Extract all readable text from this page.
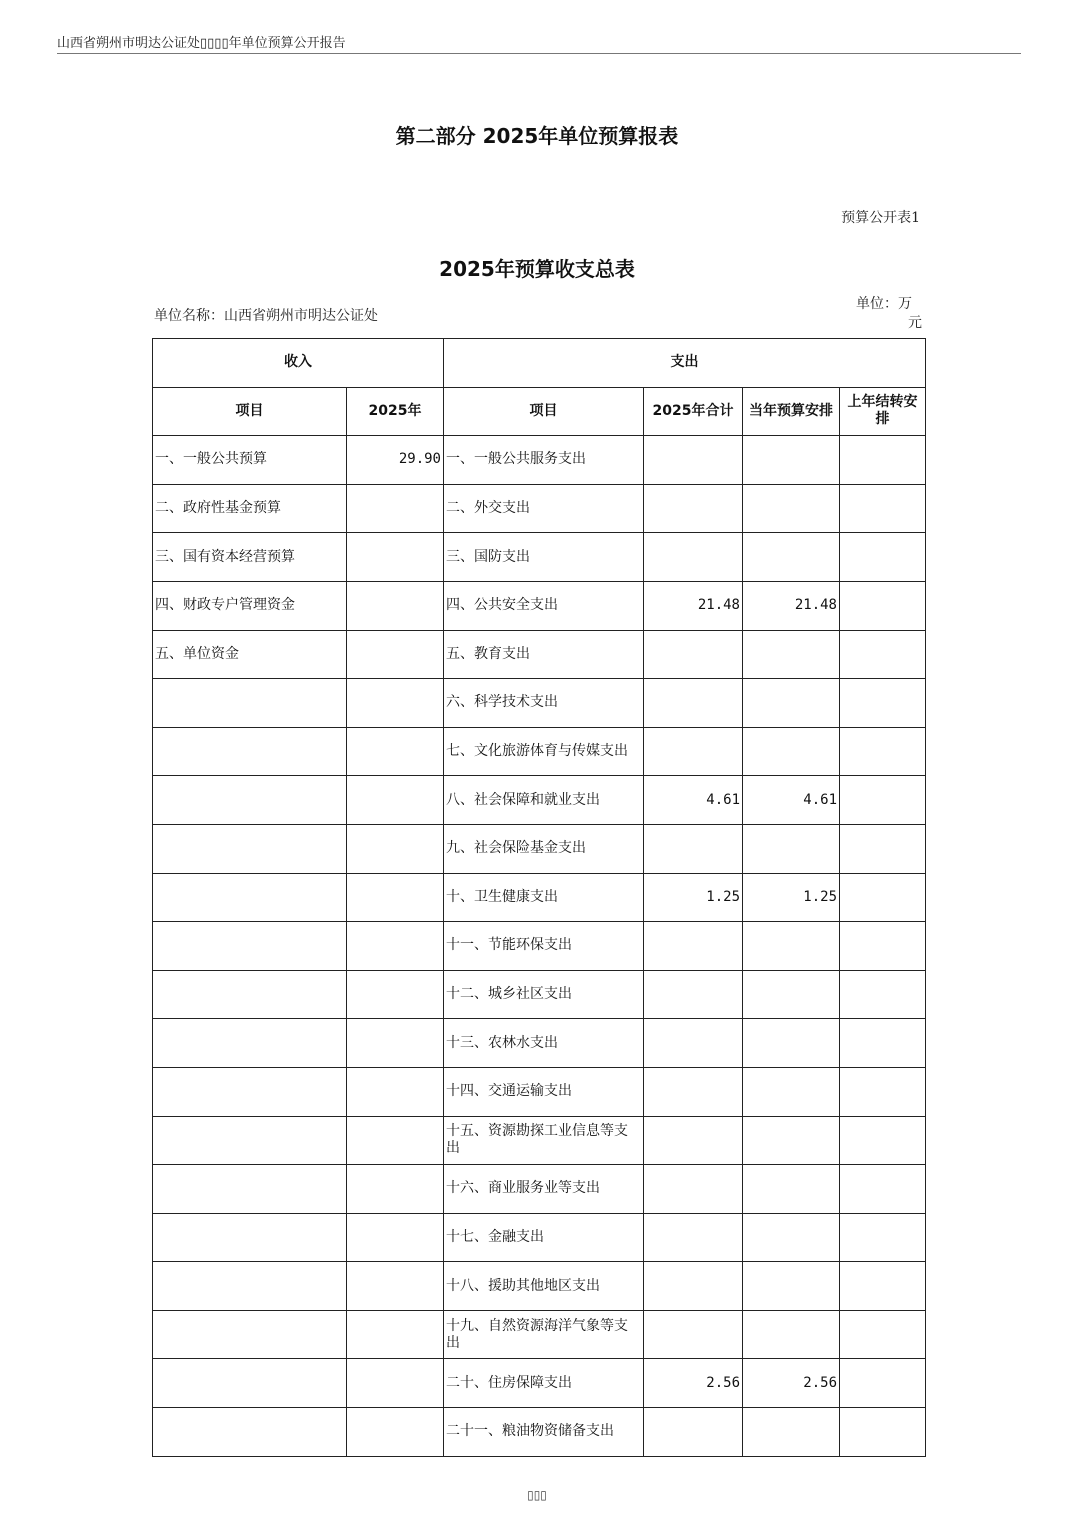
山西省朔州市明达公证处▯▯▯▯年单位预算公开报告
第二部分 2025年单位预算报表
预算公开表1
2025年预算收支总表
单位名称：山西省朔州市明达公证处
单位：万
元
收入		支出			
项目	2025年	项目	2025年合计	当年预算安排	上年结转安排
一、一般公共预算	29.90	一、一般公共服务支出			
二、政府性基金预算		二、外交支出			
三、国有资本经营预算		三、国防支出			
四、财政专户管理资金		四、公共安全支出	21.48	21.48	
五、单位资金		五、教育支出			
		六、科学技术支出			
		七、文化旅游体育与传媒支出			
		八、社会保障和就业支出	4.61	4.61	
		九、社会保险基金支出			
		十、卫生健康支出	1.25	1.25	
		十一、节能环保支出			
		十二、城乡社区支出			
		十三、农林水支出			
		十四、交通运输支出			
		十五、资源勘探工业信息等支出			
		十六、商业服务业等支出			
		十七、金融支出			
		十八、援助其他地区支出			
		十九、自然资源海洋气象等支出			
		二十、住房保障支出	2.56	2.56	
		二十一、粮油物资储备支出			
▯▯▯
